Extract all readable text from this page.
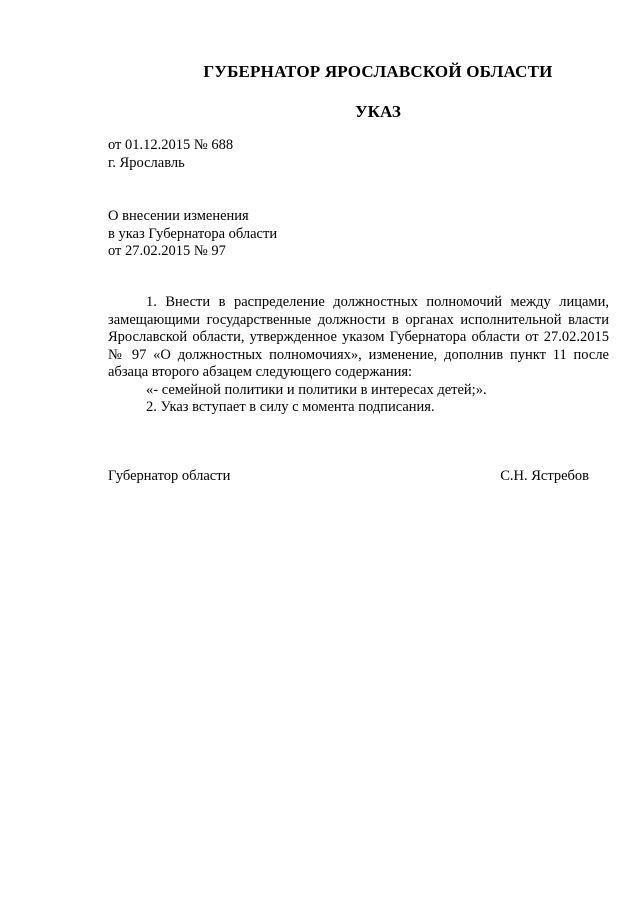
ГУБЕРНАТОР ЯРОСЛАВСКОЙ ОБЛАСТИ
УКАЗ
от 01.12.2015 № 688
г. Ярославль
О внесении изменения
в указ Губернатора области
от 27.02.2015 № 97

1. Внести в распределение должностных полномочий между лицами, замещающими государственные должности в органах исполнительной власти Ярославской области, утвержденное указом Губернатора области от 27.02.2015 № 97 «О должностных полномочиях», изменение, дополнив пункт 11 после абзаца второго абзацем следующего содержания:

«- семейной политики и политики в интересах детей;».

2. Указ вступает в силу с момента подписания.

Губернатор области	С.Н. Ястребов
